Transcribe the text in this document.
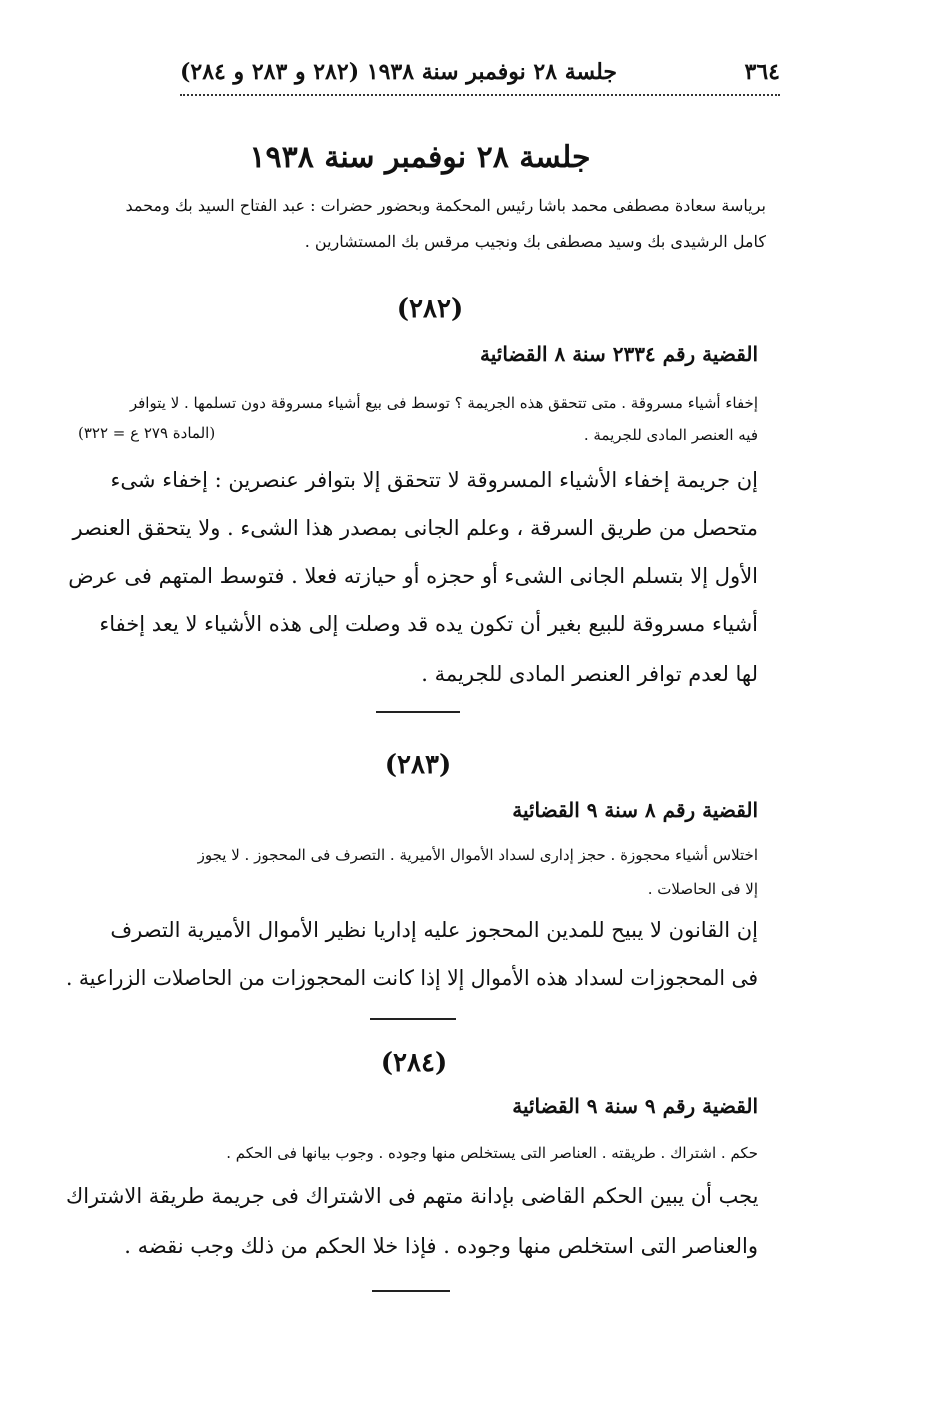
٣٦٤
جلسة ٢٨ نوفمبر سنة ١٩٣٨ (٢٨٢ و ٢٨٣ و ٢٨٤)
جلسة ٢٨ نوفمبر سنة ١٩٣٨
برياسة سعادة مصطفى محمد باشا رئيس المحكمة وبحضور حضرات : عبد الفتاح السيد بك ومحمد
كامل الرشيدى بك وسيد مصطفى بك ونجيب مرقس بك المستشارين .
(٢٨٢)
القضية رقم ٢٣٣٤ سنة ٨ القضائية
إخفاء أشياء مسروقة . متى تتحقق هذه الجريمة ؟ توسط فى بيع أشياء مسروقة دون تسلمها . لا يتوافر
فيه العنصر المادى للجريمة .
(المادة ٢٧٩ ع = ٣٢٢)
إن جريمة إخفاء الأشياء المسروقة لا تتحقق إلا بتوافر عنصرين : إخفاء شىء
متحصل من طريق السرقة ، وعلم الجانى بمصدر هذا الشىء . ولا يتحقق العنصر
الأول إلا بتسلم الجانى الشىء أو حجزه أو حيازته فعلا . فتوسط المتهم فى عرض
أشياء مسروقة للبيع بغير أن تكون يده قد وصلت إلى هذه الأشياء لا يعد إخفاء
لها لعدم توافر العنصر المادى للجريمة .
(٢٨٣)
القضية رقم ٨ سنة ٩ القضائية
اختلاس أشياء محجوزة . حجز إدارى لسداد الأموال الأميرية . التصرف فى المحجوز . لا يجوز
إلا فى الحاصلات .
إن القانون لا يبيح للمدين المحجوز عليه إداريا نظير الأموال الأميرية التصرف
فى المحجوزات لسداد هذه الأموال إلا إذا كانت المحجوزات من الحاصلات الزراعية .
(٢٨٤)
القضية رقم ٩ سنة ٩ القضائية
حكم . اشتراك . طريقته . العناصر التى يستخلص منها وجوده . وجوب بيانها فى الحكم .
يجب أن يبين الحكم القاضى بإدانة متهم فى الاشتراك فى جريمة طريقة الاشتراك
والعناصر التى استخلص منها وجوده . فإذا خلا الحكم من ذلك وجب نقضه .
